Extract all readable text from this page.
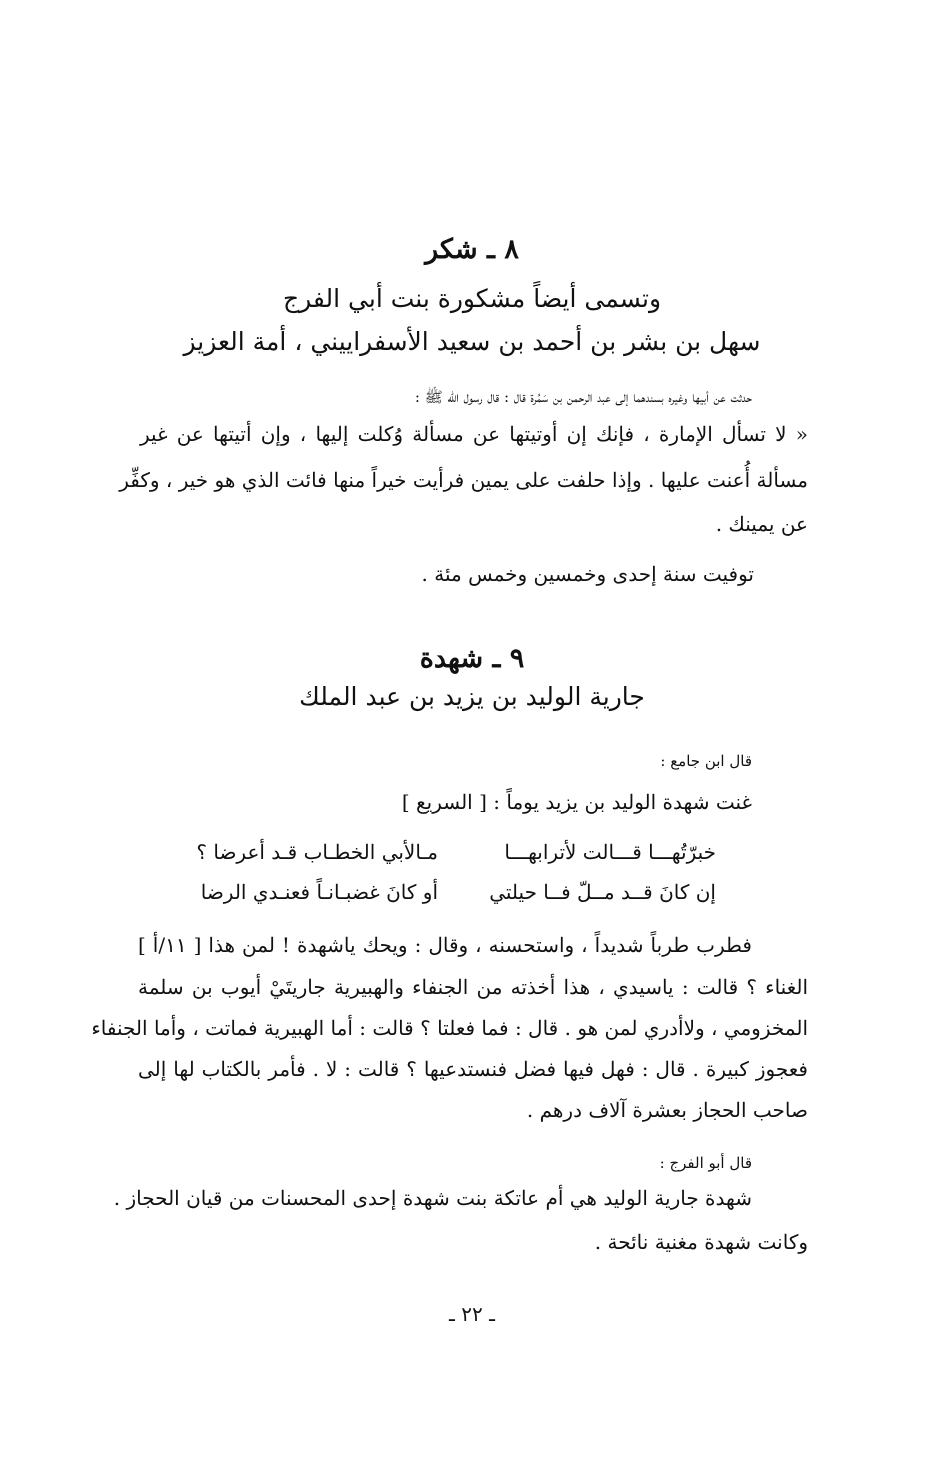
٨ ـ شكر
وتسمى أيضاً مشكورة بنت أبي الفرج
سهل بن بشر بن أحمد بن سعيد الأسفراييني ، أمة العزيز
حدثت عن أبيها وغيره بسندهما إلى عبد الرحمن بن سَمُرة قال : قال رسول الله ﷺ :
« لا تسأل الإمارة ، فإنك إن أوتيتها عن مسألة وُكلت إليها ، وإن أتيتها عن غير
مسألة أُعنت عليها . وإذا حلفت على يمين فرأيت خيراً منها فائت الذي هو خير ، وكفِّر
عن يمينك .
توفيت سنة إحدى وخمسين وخمس مئة .
٩ ـ شهدة
جارية الوليد بن يزيد بن عبد الملك
قال ابن جامع :
غنت شهدة الوليد بن يزيد يوماً : [ السريع ]
خبرّتُهـــا قـــالت لأترابهـــا
مـالأبي الخطـاب قـد أعرضا ؟
إن كانَ قــد مــلّ فــا حيلتي
أو كانَ غضبـانـاً فعنـدي الرضا
فطرب طرباً شديداً ، واستحسنه ، وقال : ويحك ياشهدة ! لمن هذا [ ١١/أ ]
الغناء ؟ قالت : ياسيدي ، هذا أخذته من الجنفاء والهبيرية جاريتَيْ أيوب بن سلمة
المخزومي ، ولاأدري لمن هو . قال : فما فعلتا ؟ قالت : أما الهبيرية فماتت ، وأما الجنفاء
فعجوز كبيرة . قال : فهل فيها فضل فنستدعيها ؟ قالت : لا . فأمر بالكتاب لها إلى
صاحب الحجاز بعشرة آلاف درهم .
قال أبو الفرج :
شهدة جارية الوليد هي أم عاتكة بنت شهدة إحدى المحسنات من قيان الحجاز .
وكانت شهدة مغنية نائحة .
ـ ٢٢ ـ
